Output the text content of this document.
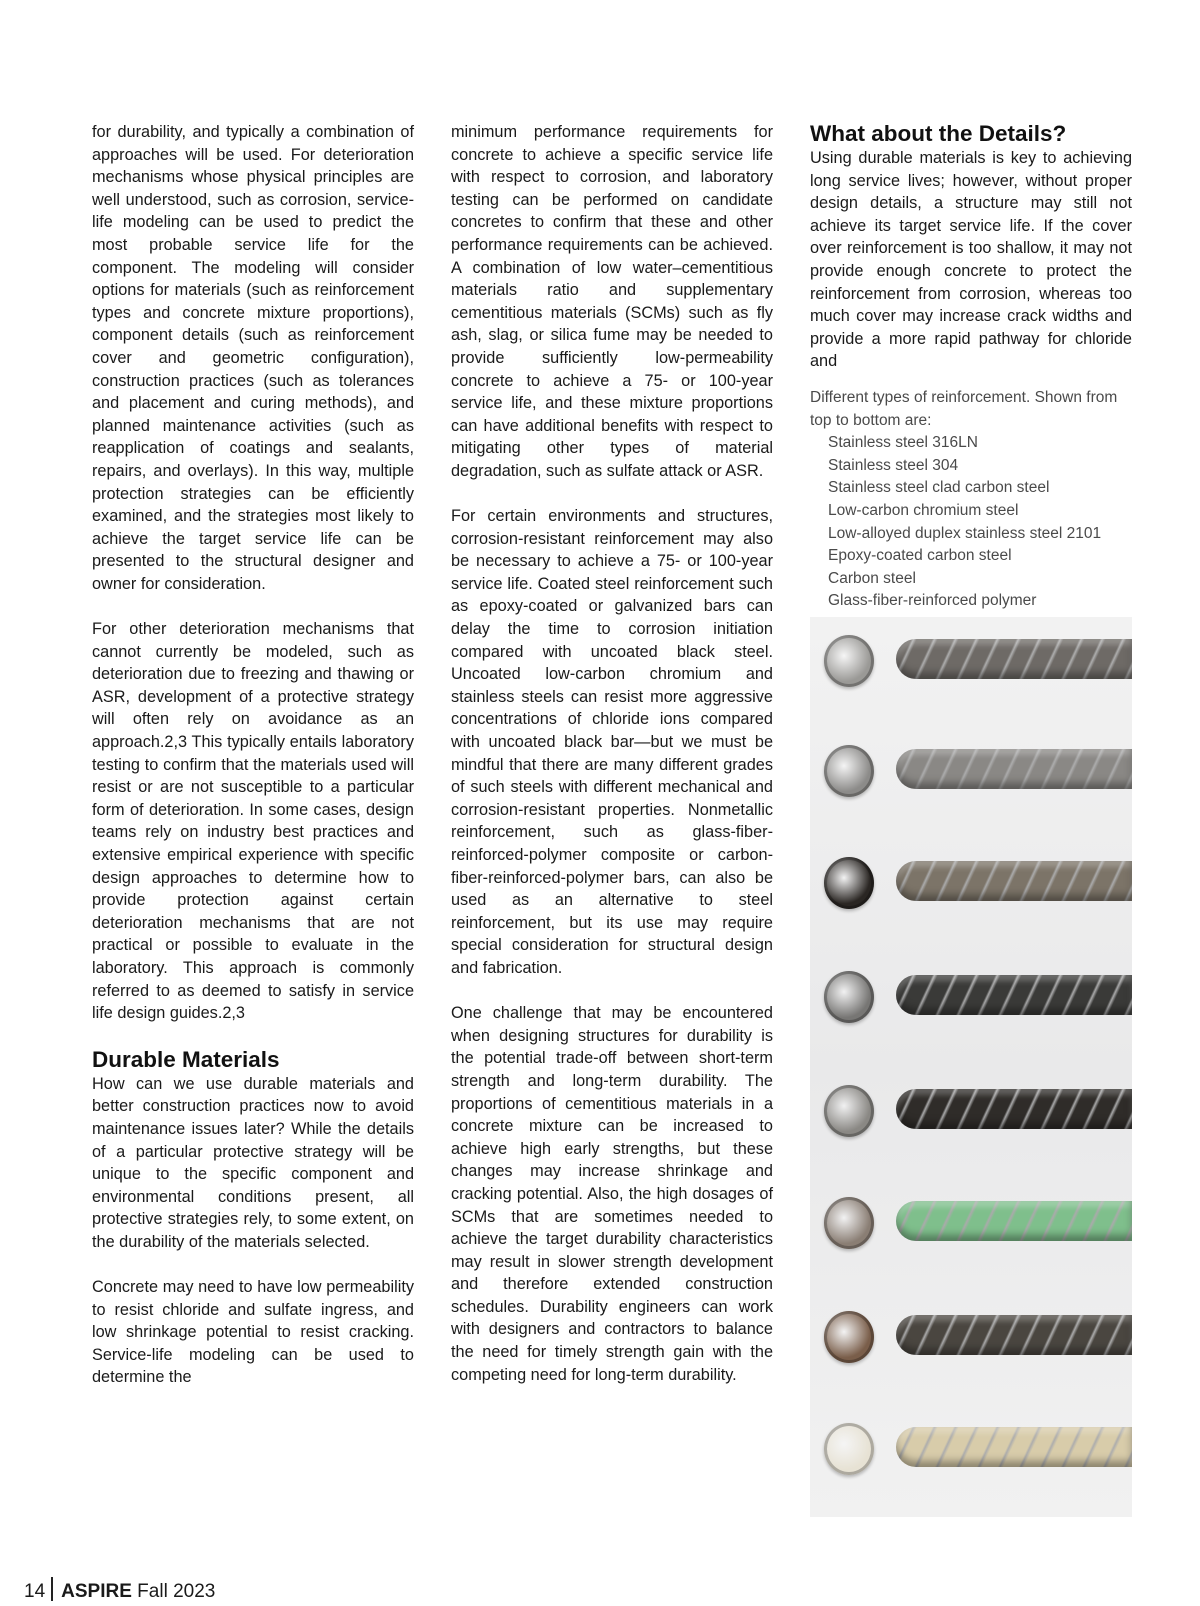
for durability, and typically a combination of approaches will be used. For deterioration mechanisms whose physical principles are well understood, such as corrosion, service-life modeling can be used to predict the most probable service life for the component. The modeling will consider options for materials (such as reinforcement types and concrete mixture proportions), component details (such as reinforcement cover and geometric configuration), construction practices (such as tolerances and placement and curing methods), and planned maintenance activities (such as reapplication of coatings and sealants, repairs, and overlays). In this way, multiple protection strategies can be efficiently examined, and the strategies most likely to achieve the target service life can be presented to the structural designer and owner for consideration.

For other deterioration mechanisms that cannot currently be modeled, such as deterioration due to freezing and thawing or ASR, development of a protective strategy will often rely on avoidance as an approach.2,3 This typically entails laboratory testing to confirm that the materials used will resist or are not susceptible to a particular form of deterioration. In some cases, design teams rely on industry best practices and extensive empirical experience with specific design approaches to determine how to provide protection against certain deterioration mechanisms that are not practical or possible to evaluate in the laboratory. This approach is commonly referred to as deemed to satisfy in service life design guides.2,3

Durable Materials

How can we use durable materials and better construction practices now to avoid maintenance issues later? While the details of a particular protective strategy will be unique to the specific component and environmental conditions present, all protective strategies rely, to some extent, on the durability of the materials selected.

Concrete may need to have low permeability to resist chloride and sulfate ingress, and low shrinkage potential to resist cracking. Service-life modeling can be used to determine the

minimum performance requirements for concrete to achieve a specific service life with respect to corrosion, and laboratory testing can be performed on candidate concretes to confirm that these and other performance requirements can be achieved. A combination of low water–cementitious materials ratio and supplementary cementitious materials (SCMs) such as fly ash, slag, or silica fume may be needed to provide sufficiently low-permeability concrete to achieve a 75- or 100-year service life, and these mixture proportions can have additional benefits with respect to mitigating other types of material degradation, such as sulfate attack or ASR.

For certain environments and structures, corrosion-resistant reinforcement may also be necessary to achieve a 75- or 100-year service life. Coated steel reinforcement such as epoxy-coated or galvanized bars can delay the time to corrosion initiation compared with uncoated black steel. Uncoated low-carbon chromium and stainless steels can resist more aggressive concentrations of chloride ions compared with uncoated black bar—but we must be mindful that there are many different grades of such steels with different mechanical and corrosion-resistant properties. Nonmetallic reinforcement, such as glass-fiber-reinforced-polymer composite or carbon-fiber-reinforced-polymer bars, can also be used as an alternative to steel reinforcement, but its use may require special consideration for structural design and fabrication.

One challenge that may be encountered when designing structures for durability is the potential trade-off between short-term strength and long-term durability. The proportions of cementitious materials in a concrete mixture can be increased to achieve high early strengths, but these changes may increase shrinkage and cracking potential. Also, the high dosages of SCMs that are sometimes needed to achieve the target durability characteristics may result in slower strength development and therefore extended construction schedules. Durability engineers can work with designers and contractors to balance the need for timely strength gain with the competing need for long-term durability.

What about the Details?

Using durable materials is key to achieving long service lives; however, without proper design details, a structure may still not achieve its target service life. If the cover over reinforcement is too shallow, it may not provide enough concrete to protect the reinforcement from corrosion, whereas too much cover may increase crack widths and provide a more rapid pathway for chloride and

Different types of reinforcement. Shown from top to bottom are:
Stainless steel 316LN
Stainless steel 304
Stainless steel clad carbon steel
Low-carbon chromium steel
Low-alloyed duplex stainless steel 2101
Epoxy-coated carbon steel
Carbon steel
Glass-fiber-reinforced polymer
14 ASPIRE Fall 2023
